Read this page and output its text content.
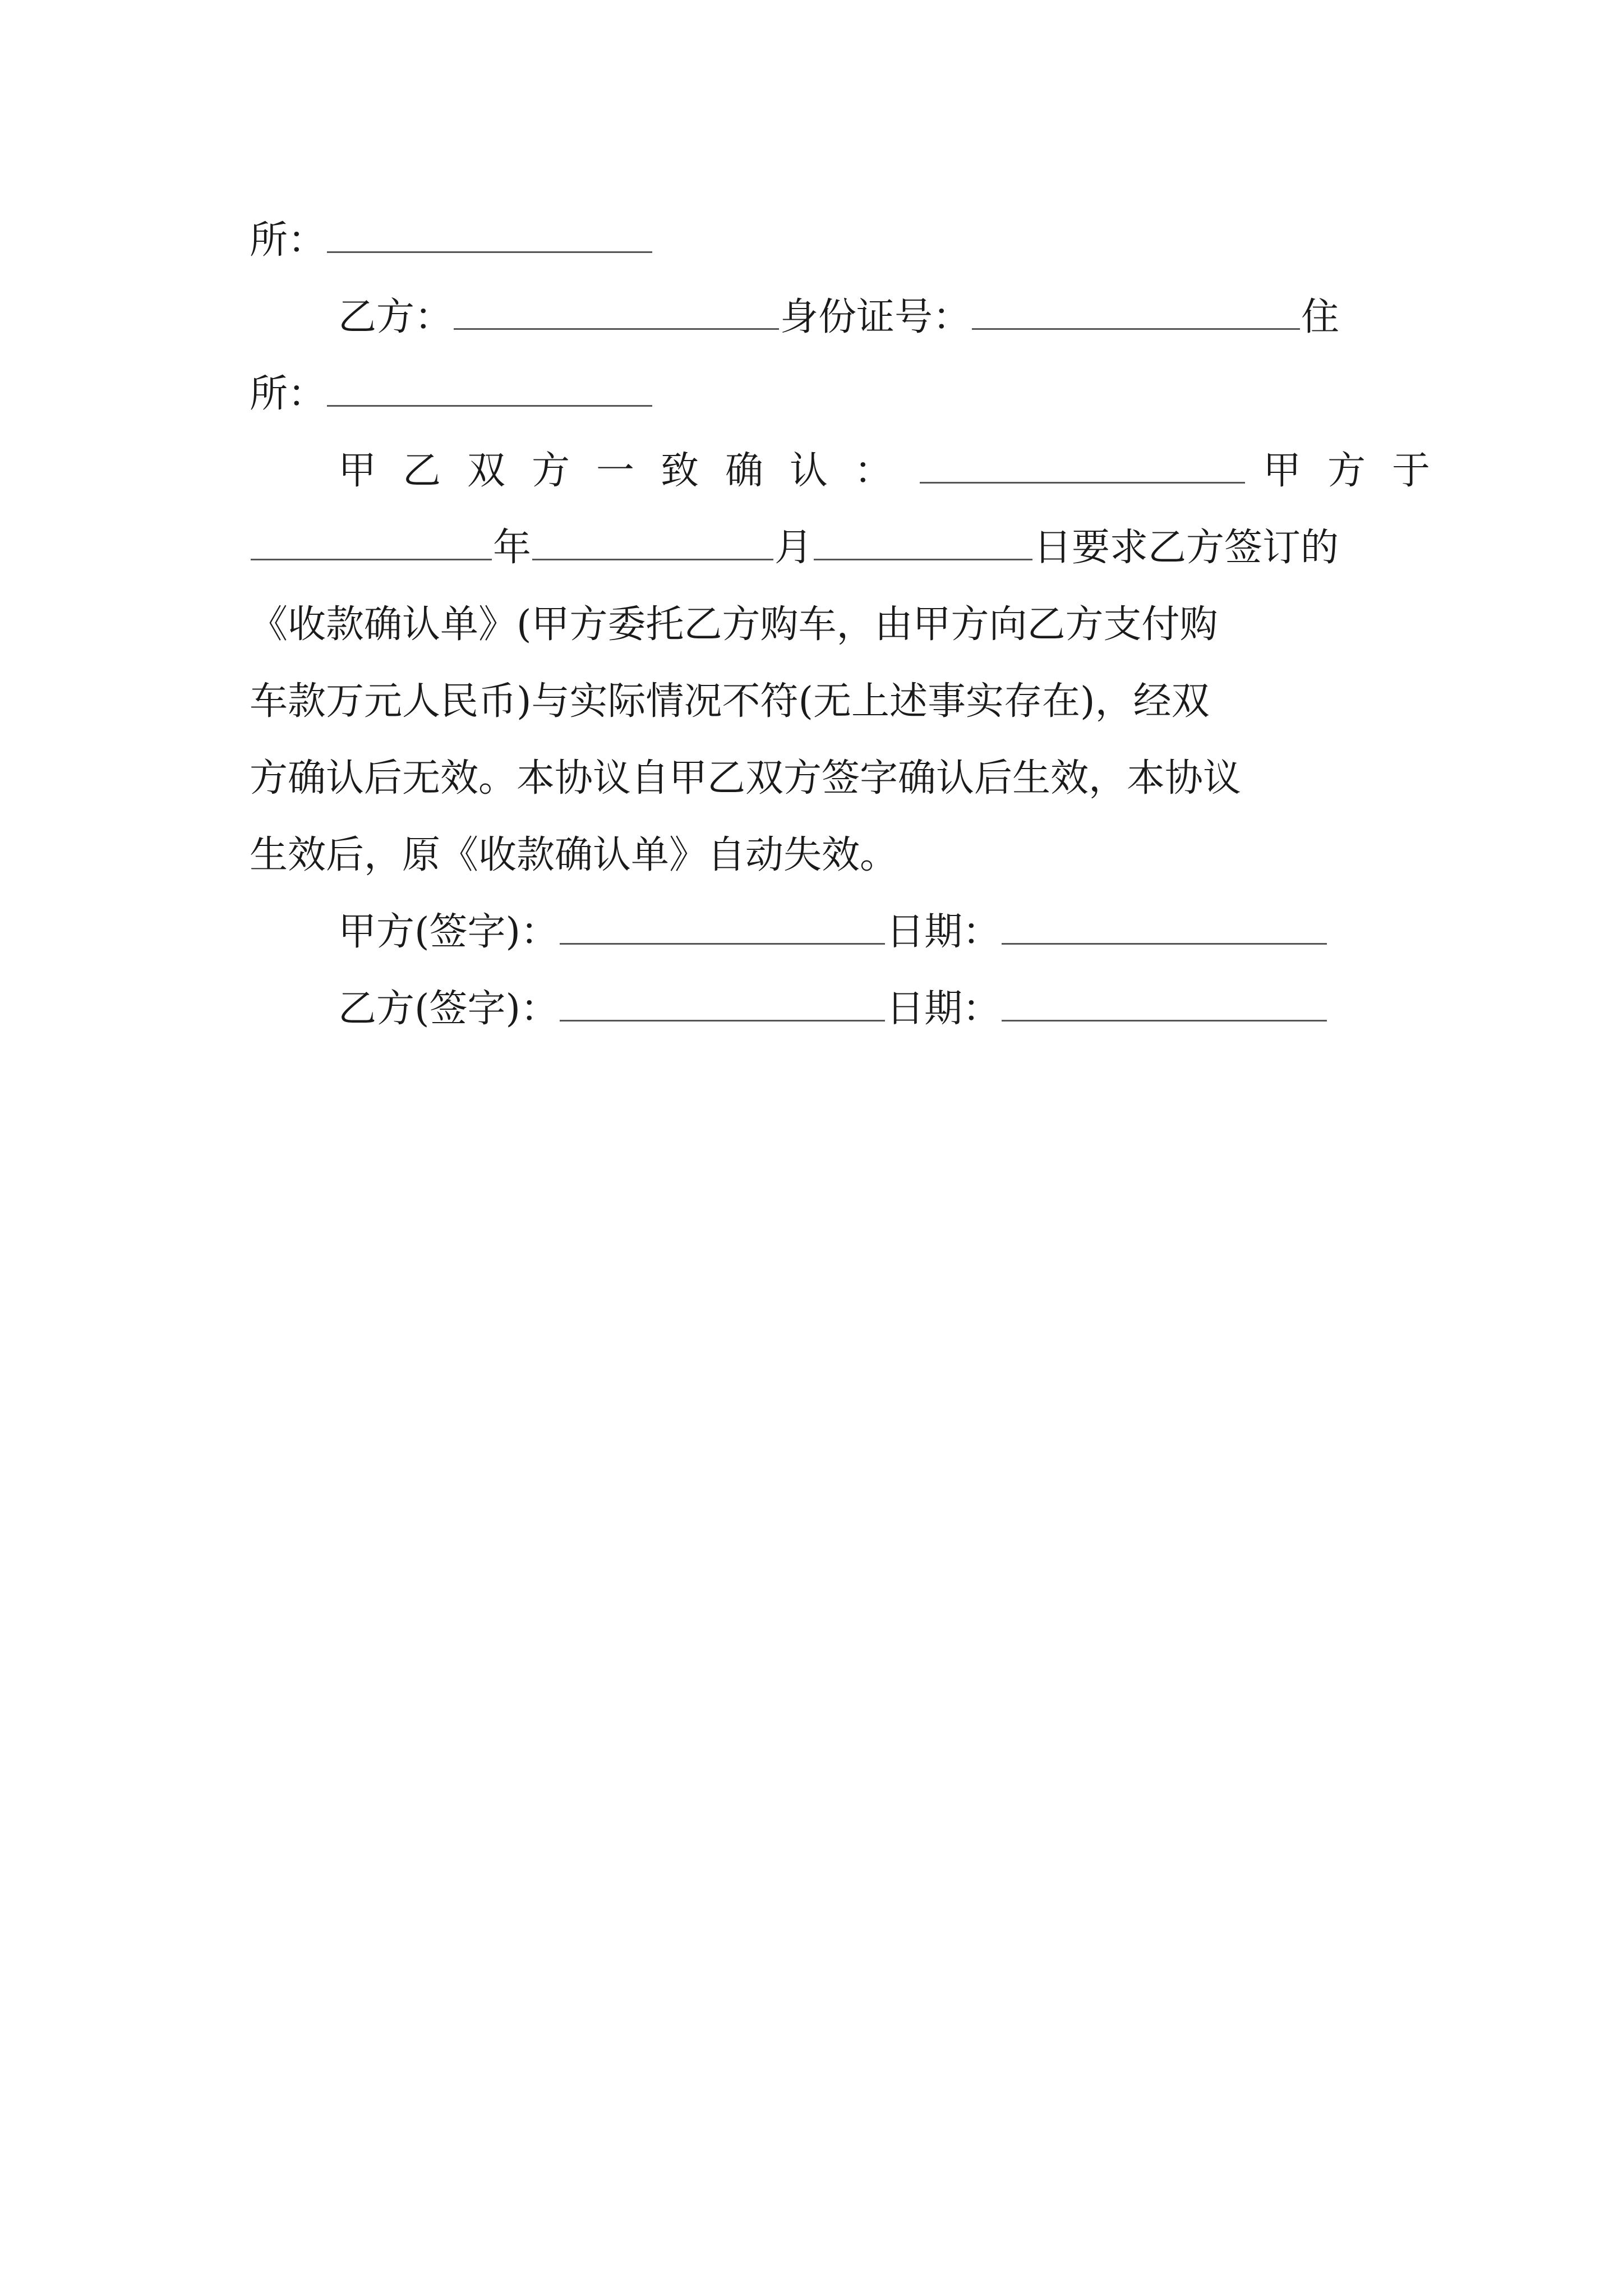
所：
乙方：	身份证号：	住
所：
甲乙双方一致确认：	甲方于
年	月	日要求乙方签订的
《收款确认单》(甲方委托乙方购车，由甲方向乙方支付购
车款万元人民币)与实际情况不符(无上述事实存在)，经双
方确认后无效。本协议自甲乙双方签字确认后生效，本协议
生效后，原《收款确认单》自动失效。
甲方(签字)：	日期：
乙方(签字)：	日期：
